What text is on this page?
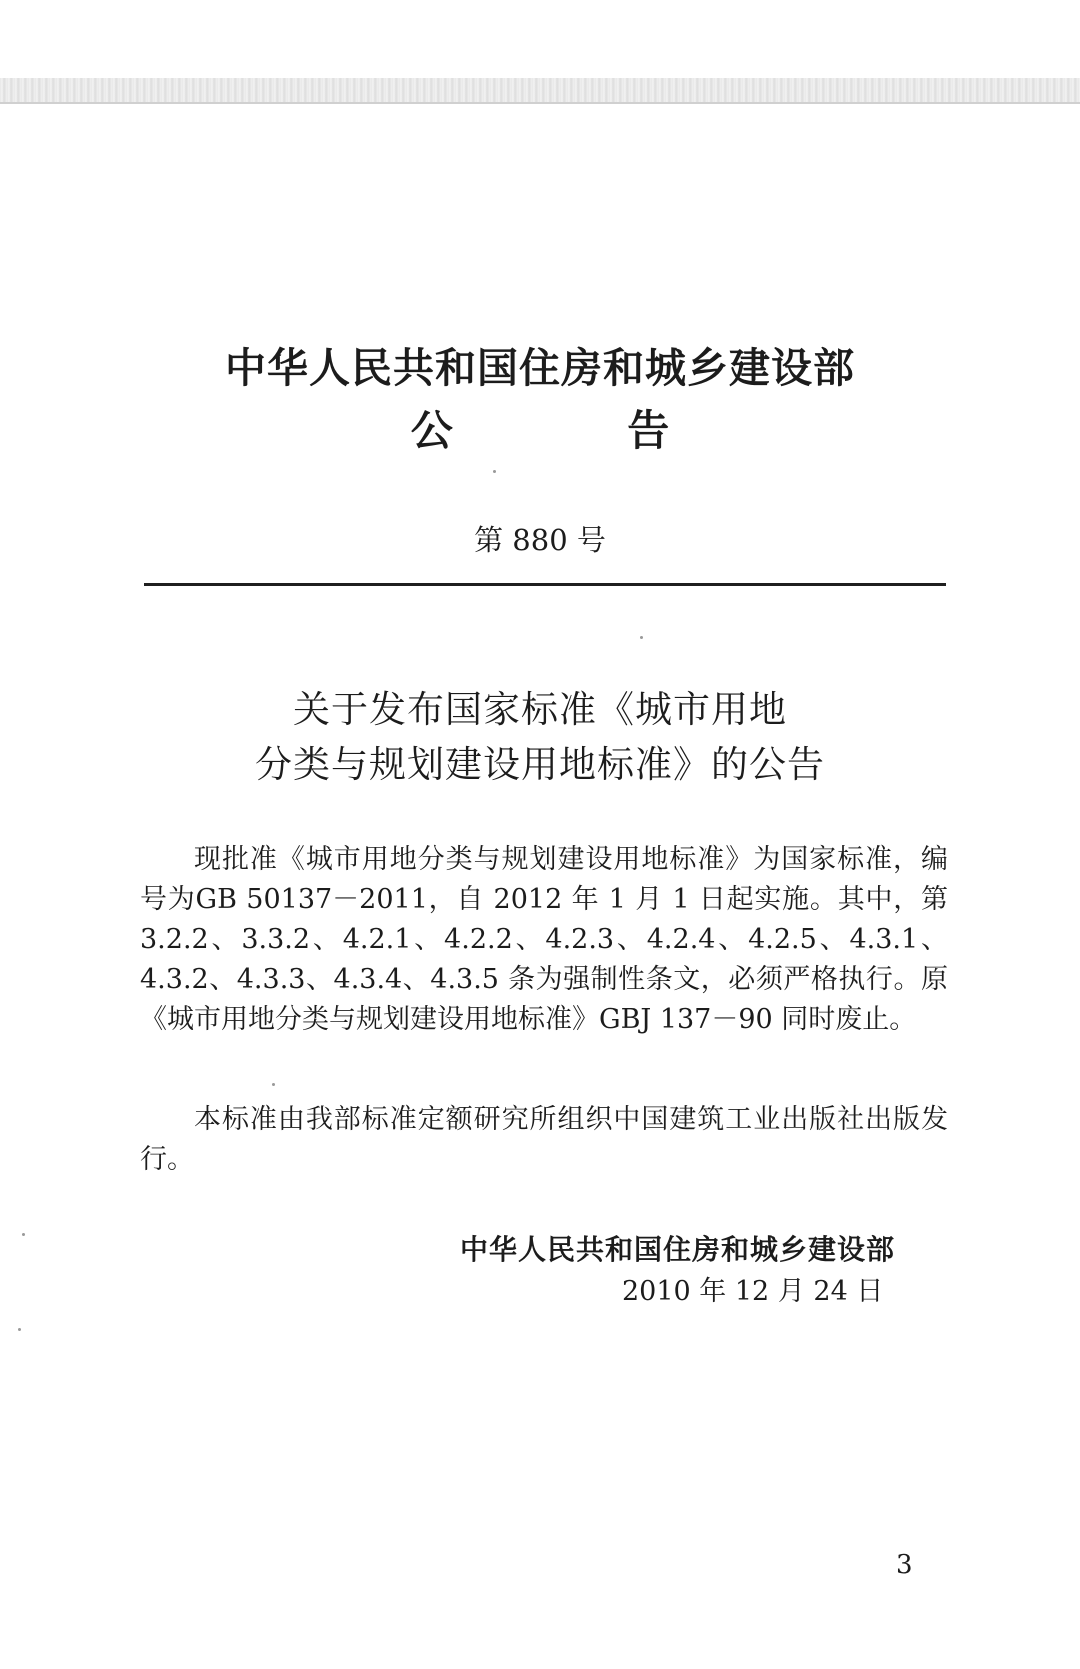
中华人民共和国住房和城乡建设部
公 告
第 880 号
关于发布国家标准《城市用地
分类与规划建设用地标准》的公告

现批准《城市用地分类与规划建设用地标准》为国家标准，编号为GB 50137－2011，自 2012 年 1 月 1 日起实施。其中，第 3.2.2、3.3.2、4.2.1、4.2.2、4.2.3、4.2.4、4.2.5、4.3.1、4.3.2、4.3.3、4.3.4、4.3.5 条为强制性条文，必须严格执行。原《城市用地分类与规划建设用地标准》GBJ 137－90 同时废止。

本标准由我部标准定额研究所组织中国建筑工业出版社出版发行。

中华人民共和国住房和城乡建设部
2010 年 12 月 24 日
3
